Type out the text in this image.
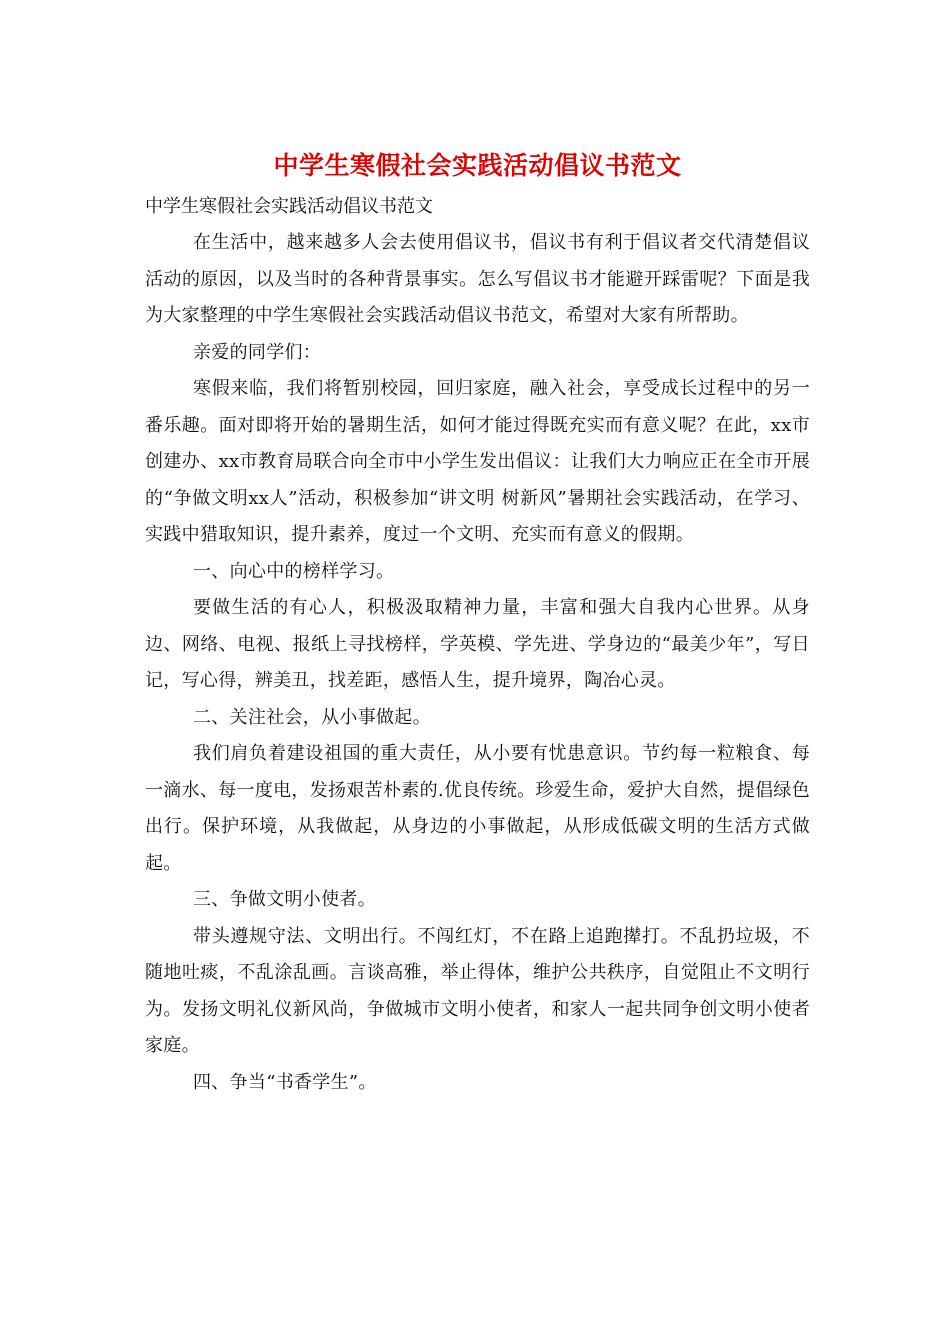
中学生寒假社会实践活动倡议书范文

中学生寒假社会实践活动倡议书范文

在生活中，越来越多人会去使用倡议书，倡议书有利于倡议者交代清楚倡议活动的原因，以及当时的各种背景事实。怎么写倡议书才能避开踩雷呢？下面是我为大家整理的中学生寒假社会实践活动倡议书范文，希望对大家有所帮助。

亲爱的同学们：

寒假来临，我们将暂别校园，回归家庭，融入社会，享受成长过程中的另一番乐趣。面对即将开始的暑期生活，如何才能过得既充实而有意义呢？在此，xx市创建办、xx市教育局联合向全市中小学生发出倡议：让我们大力响应正在全市开展的“争做文明xx人”活动，积极参加“讲文明 树新风”暑期社会实践活动，在学习、实践中猎取知识，提升素养，度过一个文明、充实而有意义的假期。

一、向心中的榜样学习。

要做生活的有心人，积极汲取精神力量，丰富和强大自我内心世界。从身边、网络、电视、报纸上寻找榜样，学英模、学先进、学身边的“最美少年”，写日记，写心得，辨美丑，找差距，感悟人生，提升境界，陶冶心灵。

二、关注社会，从小事做起。

我们肩负着建设祖国的重大责任，从小要有忧患意识。节约每一粒粮食、每一滴水、每一度电，发扬艰苦朴素的.优良传统。珍爱生命，爱护大自然，提倡绿色出行。保护环境，从我做起，从身边的小事做起，从形成低碳文明的生活方式做起。

三、争做文明小使者。

带头遵规守法、文明出行。不闯红灯，不在路上追跑撵打。不乱扔垃圾，不随地吐痰，不乱涂乱画。言谈高雅，举止得体，维护公共秩序，自觉阻止不文明行为。发扬文明礼仪新风尚，争做城市文明小使者，和家人一起共同争创文明小使者家庭。

四、争当“书香学生”。
